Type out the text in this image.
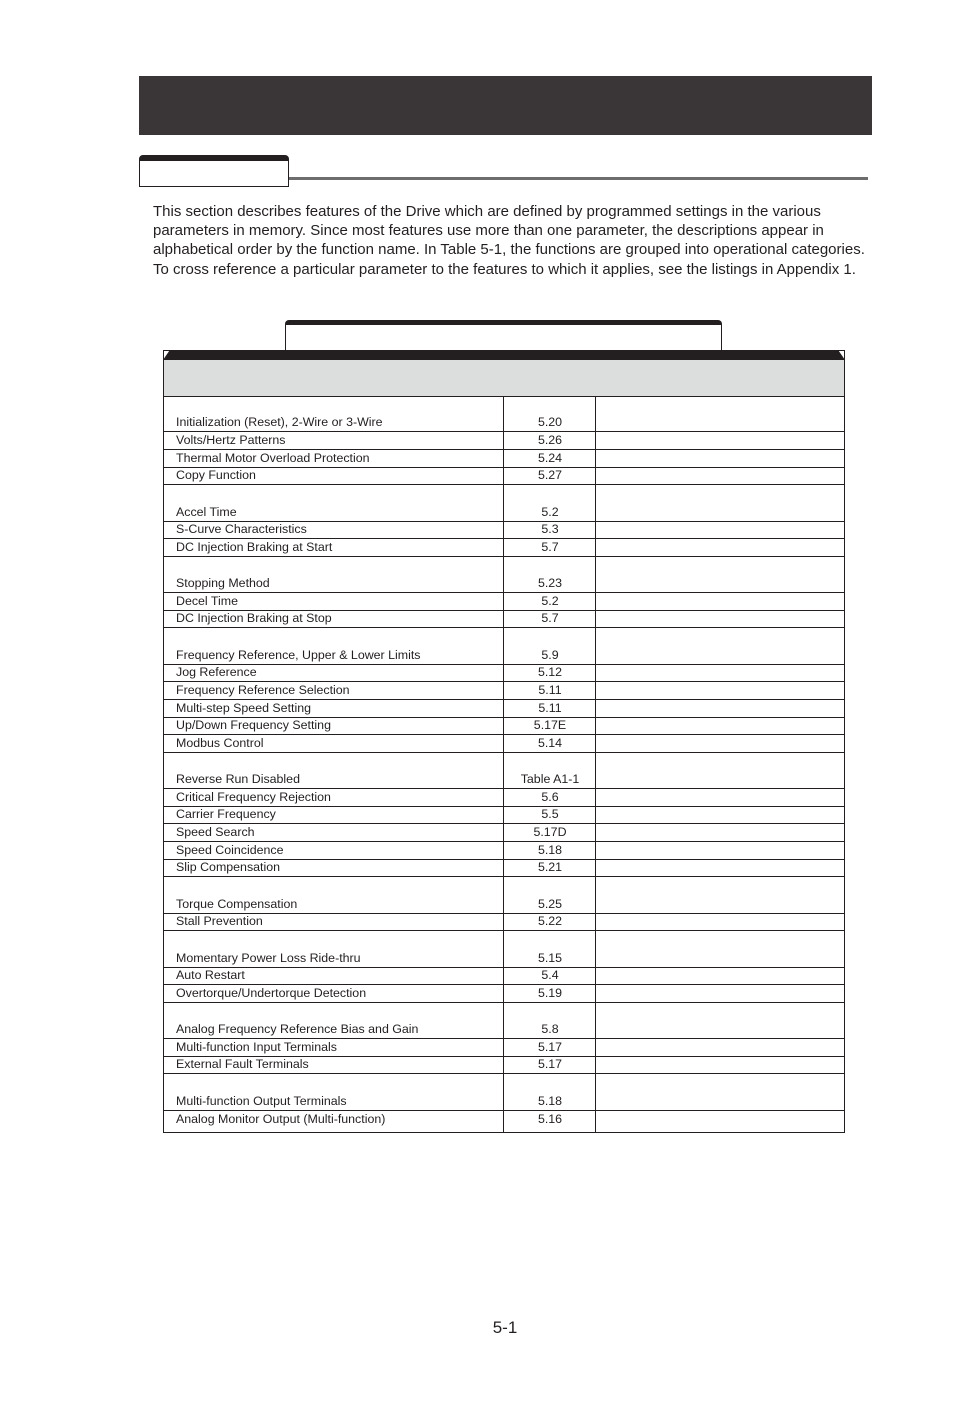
This section describes features of the Drive which are defined by programmed settings in the various parameters in memory. Since most features use more than one parameter, the descriptions appear in alphabetical order by the function name. In Table 5-1, the functions are grouped into operational categories. To cross reference a particular parameter to the features to which it applies, see the listings in Appendix 1.

Initialization (Reset), 2-Wire or 3-Wire	5.20
Volts/Hertz Patterns	5.26
Thermal Motor Overload Protection	5.24
Copy Function	5.27
Accel Time	5.2
S-Curve Characteristics	5.3
DC Injection Braking at Start	5.7
Stopping Method	5.23
Decel Time	5.2
DC Injection Braking at Stop	5.7
Frequency Reference, Upper & Lower Limits	5.9
Jog Reference	5.12
Frequency Reference Selection	5.11
Multi-step Speed Setting	5.11
Up/Down Frequency Setting	5.17E
Modbus Control	5.14
Reverse Run Disabled	Table A1-1
Critical Frequency Rejection	5.6
Carrier Frequency	5.5
Speed Search	5.17D
Speed Coincidence	5.18
Slip Compensation	5.21
Torque Compensation	5.25
Stall Prevention	5.22
Momentary Power Loss Ride-thru	5.15
Auto Restart	5.4
Overtorque/Undertorque Detection	5.19
Analog Frequency Reference Bias and Gain	5.8
Multi-function Input Terminals	5.17
External Fault Terminals	5.17
Multi-function Output Terminals	5.18
Analog Monitor Output (Multi-function)	5.16
5-1
